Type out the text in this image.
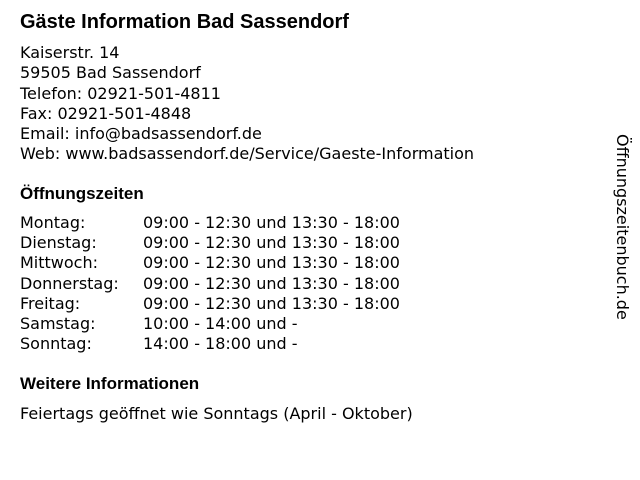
Gäste Information Bad Sassendorf
Kaiserstr. 14
59505 Bad Sassendorf
Telefon: 02921-501-4811
Fax: 02921-501-4848
Email: info@badsassendorf.de
Web: www.badsassendorf.de/Service/Gaeste-Information
Öffnungszeiten
Montag:	09:00 - 12:30 und 13:30 - 18:00
Dienstag:	09:00 - 12:30 und 13:30 - 18:00
Mittwoch:	09:00 - 12:30 und 13:30 - 18:00
Donnerstag: 09:00 - 12:30 und 13:30 - 18:00
Freitag:	09:00 - 12:30 und 13:30 - 18:00
Samstag:	10:00 - 14:00 und -
Sonntag:	14:00 - 18:00 und -
Weitere Informationen
Feiertags geöffnet wie Sonntags (April - Oktober)
Öffnungszeitenbuch.de
